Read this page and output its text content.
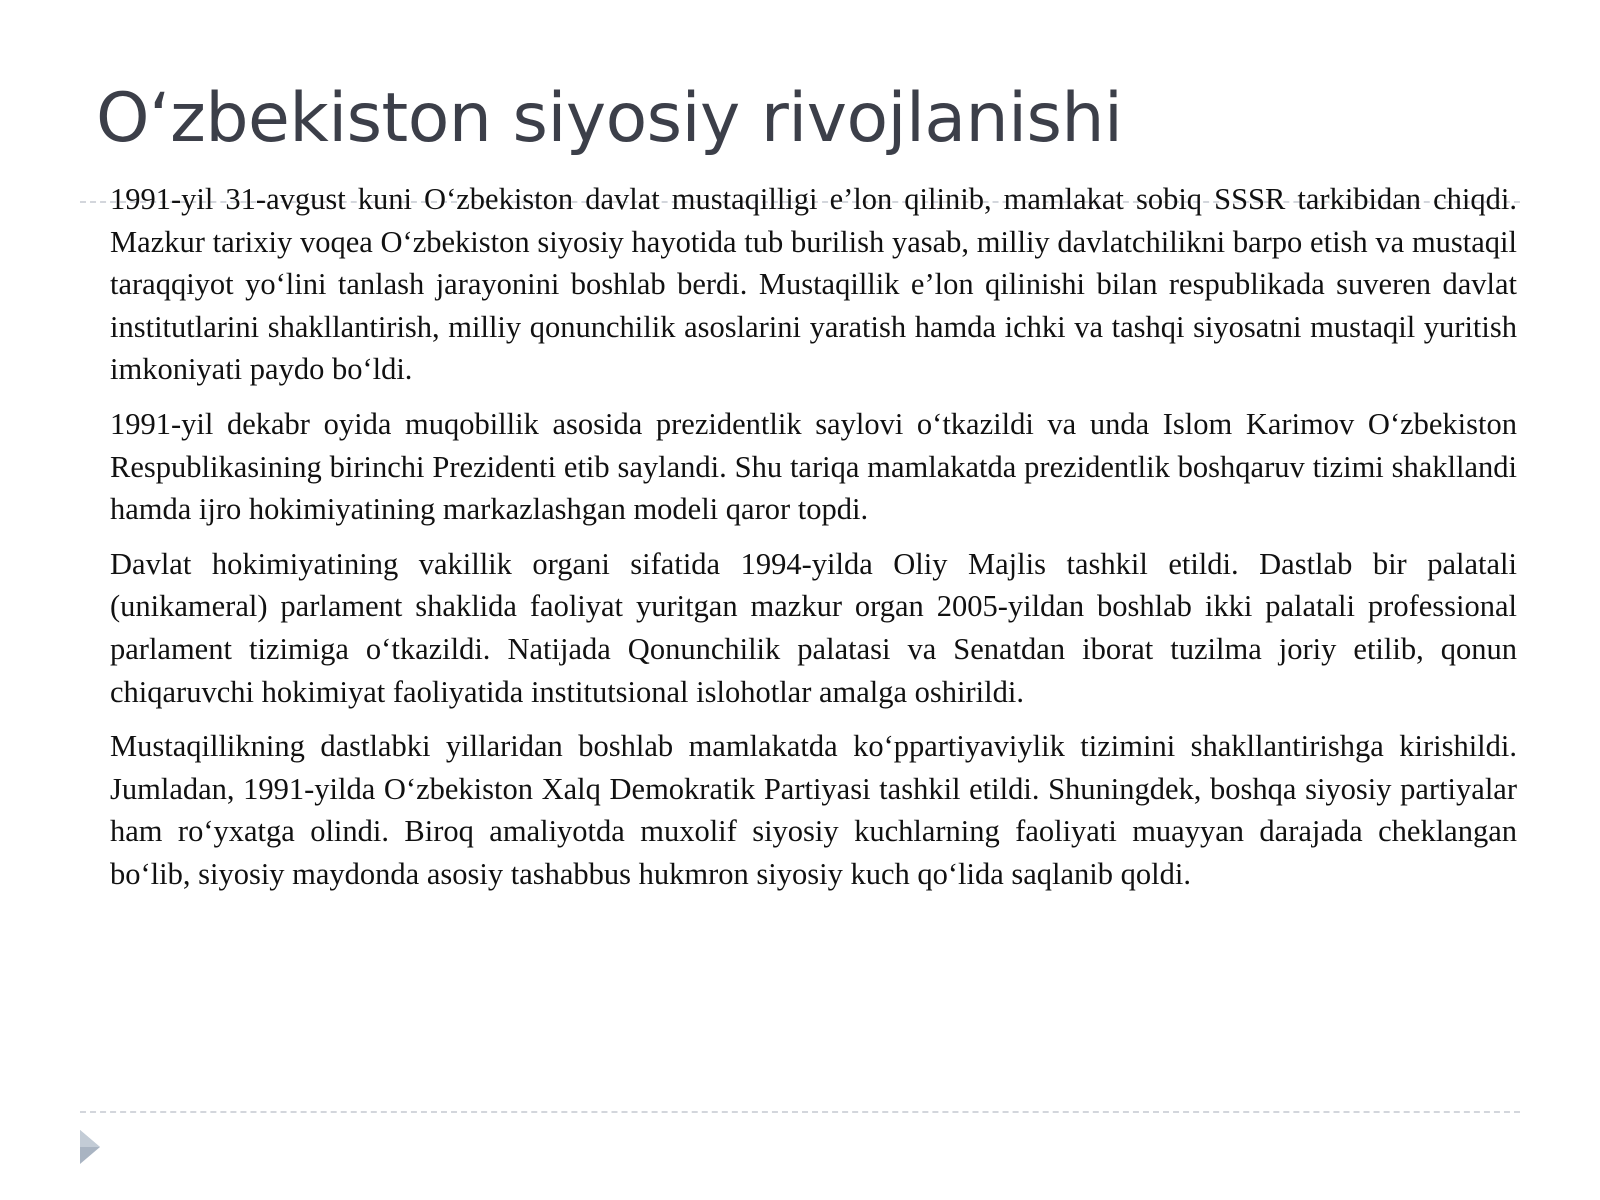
O‘zbekiston siyosiy rivojlanishi

1991-yil 31-avgust kuni O‘zbekiston davlat mustaqilligi e’lon qilinib, mamlakat sobiq SSSR tarkibidan chiqdi. Mazkur tarixiy voqea O‘zbekiston siyosiy hayotida tub burilish yasab, milliy davlatchilikni barpo etish va mustaqil taraqqiyot yo‘lini tanlash jarayonini boshlab berdi. Mustaqillik e’lon qilinishi bilan respublikada suveren davlat institutlarini shakllantirish, milliy qonunchilik asoslarini yaratish hamda ichki va tashqi siyosatni mustaqil yuritish imkoniyati paydo bo‘ldi.

1991-yil dekabr oyida muqobillik asosida prezidentlik saylovi o‘tkazildi va unda Islom Karimov O‘zbekiston Respublikasining birinchi Prezidenti etib saylandi. Shu tariqa mamlakatda prezidentlik boshqaruv tizimi shakllandi hamda ijro hokimiyatining markazlashgan modeli qaror topdi.

Davlat hokimiyatining vakillik organi sifatida 1994-yilda Oliy Majlis tashkil etildi. Dastlab bir palatali (unikameral) parlament shaklida faoliyat yuritgan mazkur organ 2005-yildan boshlab ikki palatali professional parlament tizimiga o‘tkazildi. Natijada Qonunchilik palatasi va Senatdan iborat tuzilma joriy etilib, qonun chiqaruvchi hokimiyat faoliyatida institutsional islohotlar amalga oshirildi.

Mustaqillikning dastlabki yillaridan boshlab mamlakatda ko‘ppartiyaviylik tizimini shakllantirishga kirishildi. Jumladan, 1991-yilda O‘zbekiston Xalq Demokratik Partiyasi tashkil etildi. Shuningdek, boshqa siyosiy partiyalar ham ro‘yxatga olindi. Biroq amaliyotda muxolif siyosiy kuchlarning faoliyati muayyan darajada cheklangan bo‘lib, siyosiy maydonda asosiy tashabbus hukmron siyosiy kuch qo‘lida saqlanib qoldi.
